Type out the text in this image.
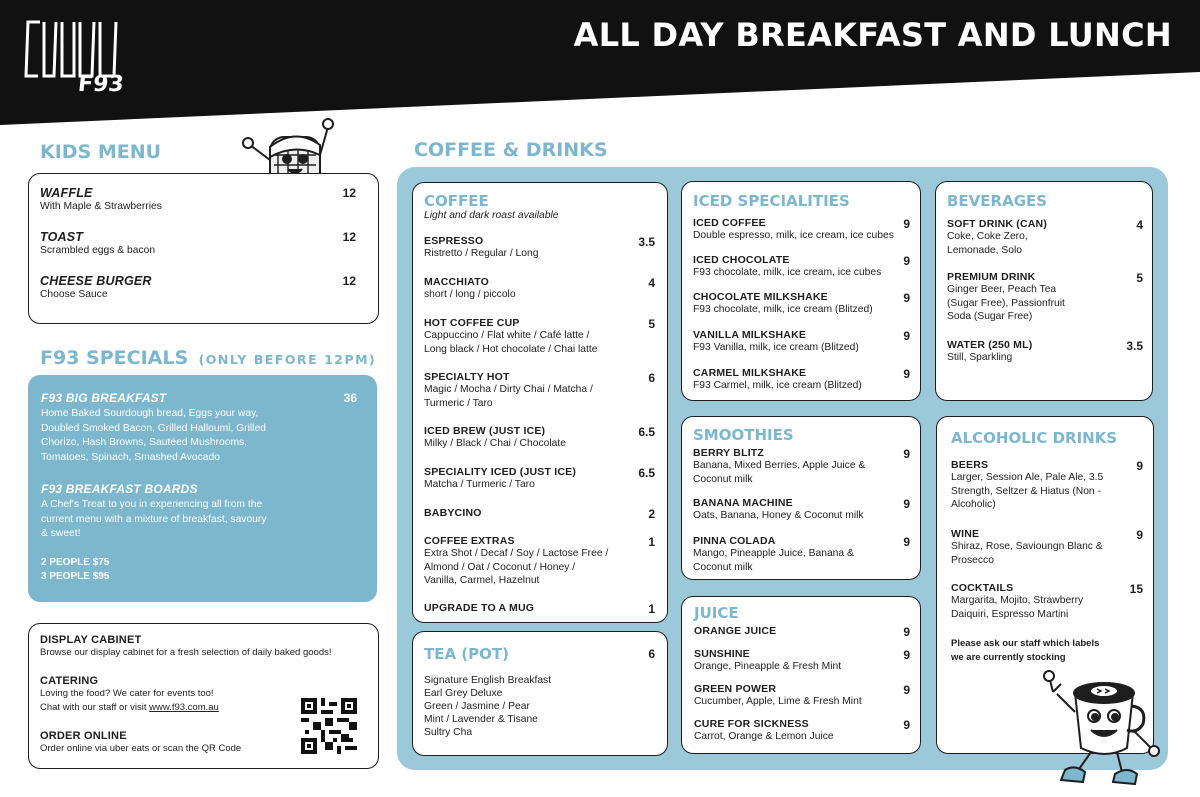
F93
ALL DAY BREAKFAST AND LUNCH
KIDS MENU
WAFFLE
With Maple & Strawberries
12
TOAST
Scrambled eggs & bacon
12
CHEESE BURGER
Choose Sauce
12
F93 SPECIALS (ONLY BEFORE 12PM)
F93 BIG BREAKFAST	36
Home Baked Sourdough bread, Eggs your way,
Doubled Smoked Bacon, Grilled Halloumi, Grilled
Chorizo, Hash Browns, Sautéed Mushrooms,
Tomatoes, Spinach, Smashed Avocado
F93 BREAKFAST BOARDS
A Chef's Treat to you in experiencing all from the
current menu with a mixture of breakfast, savoury
& sweet!
2 PEOPLE $75
3 PEOPLE $95
DISPLAY CABINET
Browse our display cabinet for a fresh selection of daily baked goods!
CATERING
Loving the food? We cater for events too!
Chat with our staff or visit www.f93.com.au
ORDER ONLINE
Order online via uber eats or scan the QR Code
COFFEE & DRINKS
COFFEE
Light and dark roast available
ESPRESSO
Ristretto / Regular / Long
3.5
MACCHIATO
short / long / piccolo
4
HOT COFFEE CUP
Cappuccino / Flat white / Café latte /
Long black / Hot chocolate / Chai latte
5
SPECIALTY HOT
Magic / Mocha / Dirty Chai / Matcha /
Turmeric / Taro
6
ICED BREW (JUST ICE)
Milky / Black / Chai / Chocolate
6.5
SPECIALITY ICED (JUST ICE)
Matcha / Turmeric / Taro
6.5
BABYCINO	2
COFFEE EXTRAS
Extra Shot / Decaf / Soy / Lactose Free /
Almond / Oat / Coconut / Honey /
Vanilla, Carmel, Hazelnut
1
UPGRADE TO A MUG	1
TEA (POT)	6
Signature English Breakfast
Earl Grey Deluxe
Green / Jasmine / Pear
Mint / Lavender & Tisane
Sultry Cha
ICED SPECIALITIES
ICED COFFEE
Double espresso, milk, ice cream, ice cubes
9
ICED CHOCOLATE
F93 chocolate, milk, ice cream, ice cubes
9
CHOCOLATE MILKSHAKE
F93 chocolate, milk, ice cream (Blitzed)
9
VANILLA MILKSHAKE
F93 Vanilla, milk, ice cream (Blitzed)
9
CARMEL MILKSHAKE
F93 Carmel, milk, ice cream (Blitzed)
9
SMOOTHIES
BERRY BLITZ
Banana, Mixed Berries, Apple Juice &
Coconut milk
9
BANANA MACHINE
Oats, Banana, Honey & Coconut milk
9
PINNA COLADA
Mango, Pineapple Juice, Banana &
Coconut milk
9
JUICE
ORANGE JUICE	9
SUNSHINE
Orange, Pineapple & Fresh Mint
9
GREEN POWER
Cucumber, Apple, Lime & Fresh Mint
9
CURE FOR SICKNESS
Carrot, Orange & Lemon Juice
9
BEVERAGES
SOFT DRINK (CAN)
Coke, Coke Zero,
Lemonade, Solo
4
PREMIUM DRINK
Ginger Beer, Peach Tea
(Sugar Free), Passionfruit
Soda (Sugar Free)
5
WATER (250 ML)
Still, Sparkling
3.5
ALCOHOLIC DRINKS
BEERS
Larger, Session Ale, Pale Ale, 3.5
Strength, Seltzer & Hiatus (Non -
Alcoholic)
9
WINE
Shiraz, Rose, Savioungn Blanc &
Prosecco
9
COCKTAILS
Margarita, Mojito, Strawberry
Daiquiri, Espresso Martini
15
Please ask our staff which labels
we are currently stocking
